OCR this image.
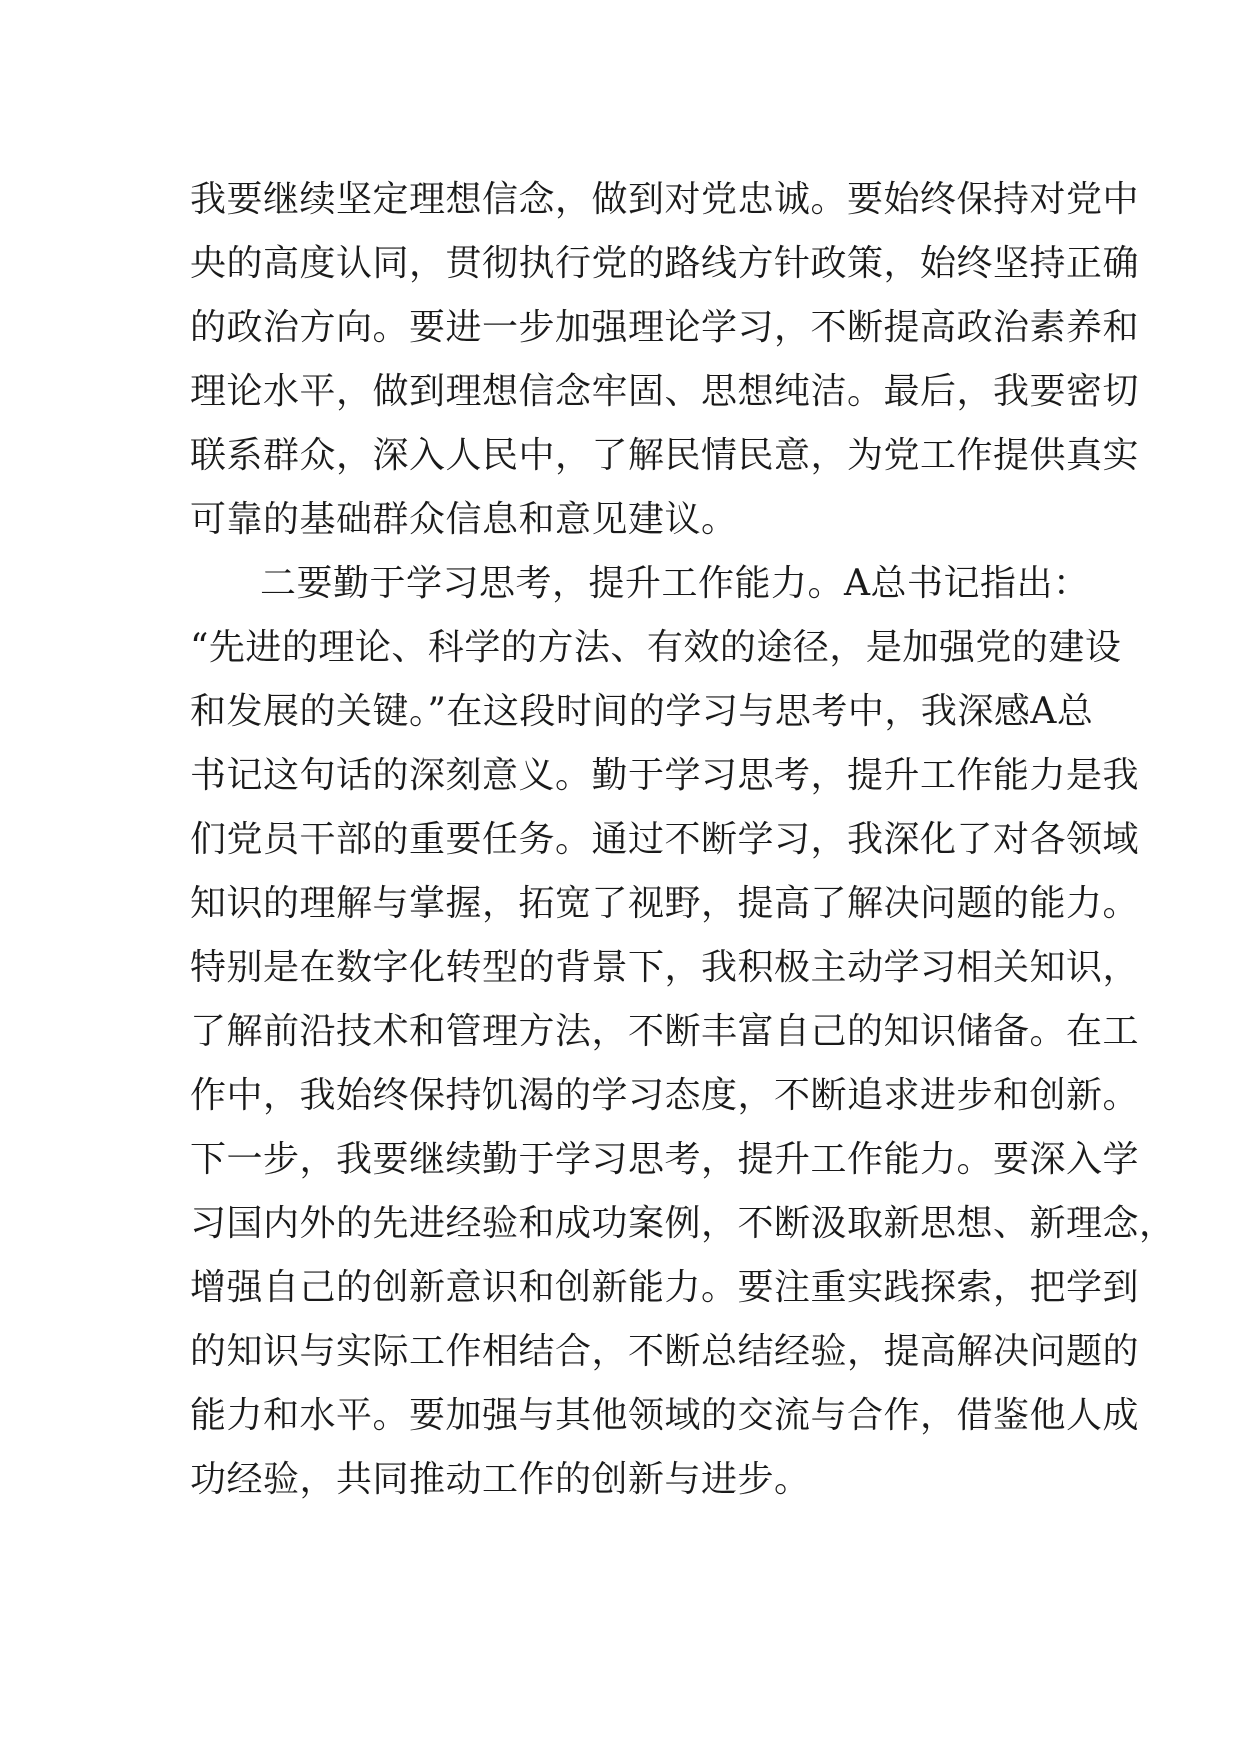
我要继续坚定理想信念，做到对党忠诚。要始终保持对党中
央的高度认同，贯彻执行党的路线方针政策，始终坚持正确
的政治方向。要进一步加强理论学习，不断提高政治素养和
理论水平，做到理想信念牢固、思想纯洁。最后，我要密切
联系群众，深入人民中，了解民情民意，为党工作提供真实
可靠的基础群众信息和意见建议。
二要勤于学习思考，提升工作能力。A总书记指出：
“先进的理论、科学的方法、有效的途径，是加强党的建设
和发展的关键。”在这段时间的学习与思考中，我深感A总
书记这句话的深刻意义。勤于学习思考，提升工作能力是我
们党员干部的重要任务。通过不断学习，我深化了对各领域
知识的理解与掌握，拓宽了视野，提高了解决问题的能力。
特别是在数字化转型的背景下，我积极主动学习相关知识，
了解前沿技术和管理方法，不断丰富自己的知识储备。在工
作中，我始终保持饥渴的学习态度，不断追求进步和创新。
下一步，我要继续勤于学习思考，提升工作能力。要深入学
习国内外的先进经验和成功案例，不断汲取新思想、新理念，
增强自己的创新意识和创新能力。要注重实践探索，把学到
的知识与实际工作相结合，不断总结经验，提高解决问题的
能力和水平。要加强与其他领域的交流与合作，借鉴他人成
功经验，共同推动工作的创新与进步。
